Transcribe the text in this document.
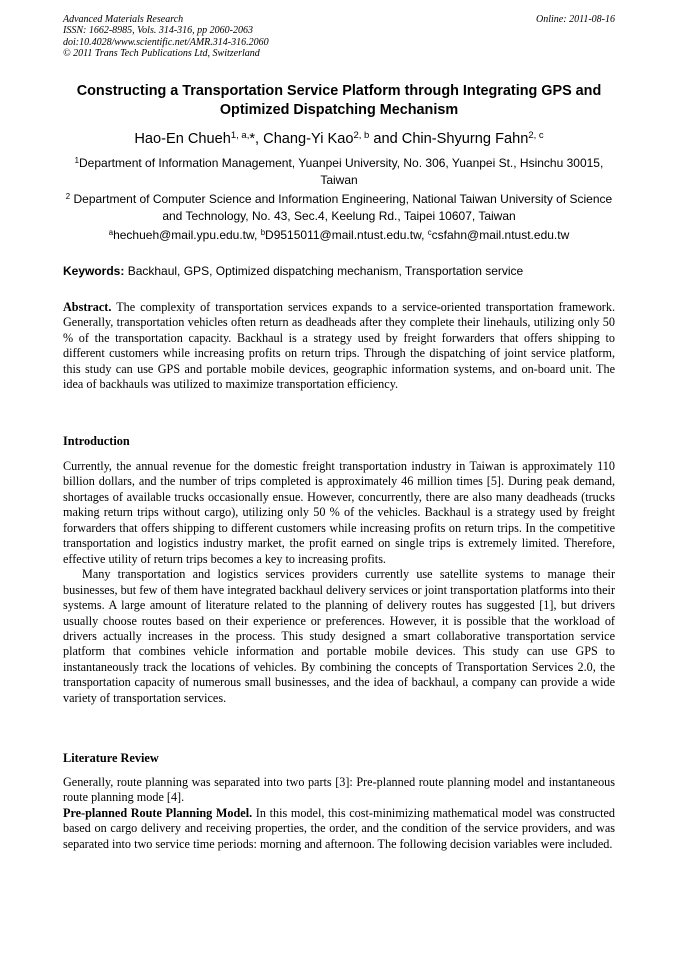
Advanced Materials Research
ISSN: 1662-8985, Vols. 314-316, pp 2060-2063
doi:10.4028/www.scientific.net/AMR.314-316.2060
© 2011 Trans Tech Publications Ltd, Switzerland
Online: 2011-08-16
Constructing a Transportation Service Platform through Integrating GPS and Optimized Dispatching Mechanism
Hao-En Chueh$^{1, a,}$*, Chang-Yi Kao$^{2, b}$ and Chin-Shyurng Fahn$^{2, c}$
$^1$Department of Information Management, Yuanpei University, No. 306, Yuanpei St., Hsinchu 30015, Taiwan
$^2$ Department of Computer Science and Information Engineering, National Taiwan University of Science and Technology, No. 43, Sec.4, Keelung Rd., Taipei 10607, Taiwan
$^a$hechueh@mail.ypu.edu.tw, $^b$D9515011@mail.ntust.edu.tw, $^c$csfahn@mail.ntust.edu.tw
Keywords: Backhaul, GPS, Optimized dispatching mechanism, Transportation service

Abstract. The complexity of transportation services expands to a service-oriented transportation framework. Generally, transportation vehicles often return as deadheads after they complete their linehauls, utilizing only 50 % of the transportation capacity. Backhaul is a strategy used by freight forwarders that offers shipping to different customers while increasing profits on return trips. Through the dispatching of joint service platform, this study can use GPS and portable mobile devices, geographic information systems, and on-board unit. The idea of backhauls was utilized to maximize transportation efficiency.

Introduction

Currently, the annual revenue for the domestic freight transportation industry in Taiwan is approximately 110 billion dollars, and the number of trips completed is approximately 46 million times [5]. During peak demand, shortages of available trucks occasionally ensue. However, concurrently, there are also many deadheads (trucks making return trips without cargo), utilizing only 50 % of the vehicles. Backhaul is a strategy used by freight forwarders that offers shipping to different customers while increasing profits on return trips. In the competitive transportation and logistics industry market, the profit earned on single trips is extremely limited. Therefore, effective utility of return trips becomes a key to increasing profits.

Many transportation and logistics services providers currently use satellite systems to manage their businesses, but few of them have integrated backhaul delivery services or joint transportation platforms into their systems. A large amount of literature related to the planning of delivery routes has suggested [1], but drivers usually choose routes based on their experience or preferences. However, it is possible that the workload of drivers actually increases in the process. This study designed a smart collaborative transportation service platform that combines vehicle information and portable mobile devices. This study can use GPS to instantaneously track the locations of vehicles. By combining the concepts of Transportation Services 2.0, the transportation capacity of numerous small businesses, and the idea of backhaul, a company can provide a wide variety of transportation services.

Literature Review

Generally, route planning was separated into two parts [3]: Pre-planned route planning model and instantaneous route planning mode [4].

Pre-planned Route Planning Model. In this model, this cost-minimizing mathematical model was constructed based on cargo delivery and receiving properties, the order, and the condition of the service providers, and was separated into two service time periods: morning and afternoon. The following decision variables were included.
